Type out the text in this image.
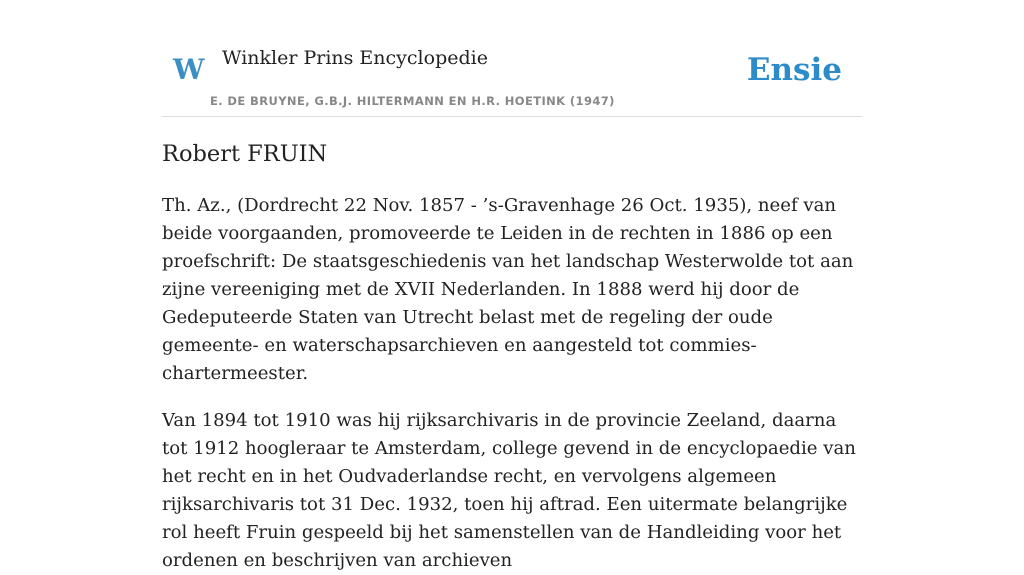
W Winkler Prins Encyclopedie
E. DE BRUYNE, G.B.J. HILTERMANN EN H.R. HOETINK (1947)
Ensie
Robert FRUIN

Th. Az., (Dordrecht 22 Nov. 1857 - ’s-Gravenhage 26 Oct. 1935), neef van beide voorgaanden, promoveerde te Leiden in de rechten in 1886 op een proefschrift: De staatsgeschiedenis van het landschap Westerwolde tot aan zijne vereeniging met de XVII Nederlanden. In 1888 werd hij door de Gedeputeerde Staten van Utrecht belast met de regeling der oude gemeente- en waterschapsarchieven en aangesteld tot commies-chartermeester.

Van 1894 tot 1910 was hij rijksarchivaris in de provincie Zeeland, daarna tot 1912 hoogleraar te Amsterdam, college gevend in de encyclopaedie van het recht en in het Oudvaderlandse recht, en vervolgens algemeen rijksarchivaris tot 31 Dec. 1932, toen hij aftrad. Een uitermate belangrijke rol heeft Fruin gespeeld bij het samenstellen van de Handleiding voor het ordenen en beschrijven van archieven
